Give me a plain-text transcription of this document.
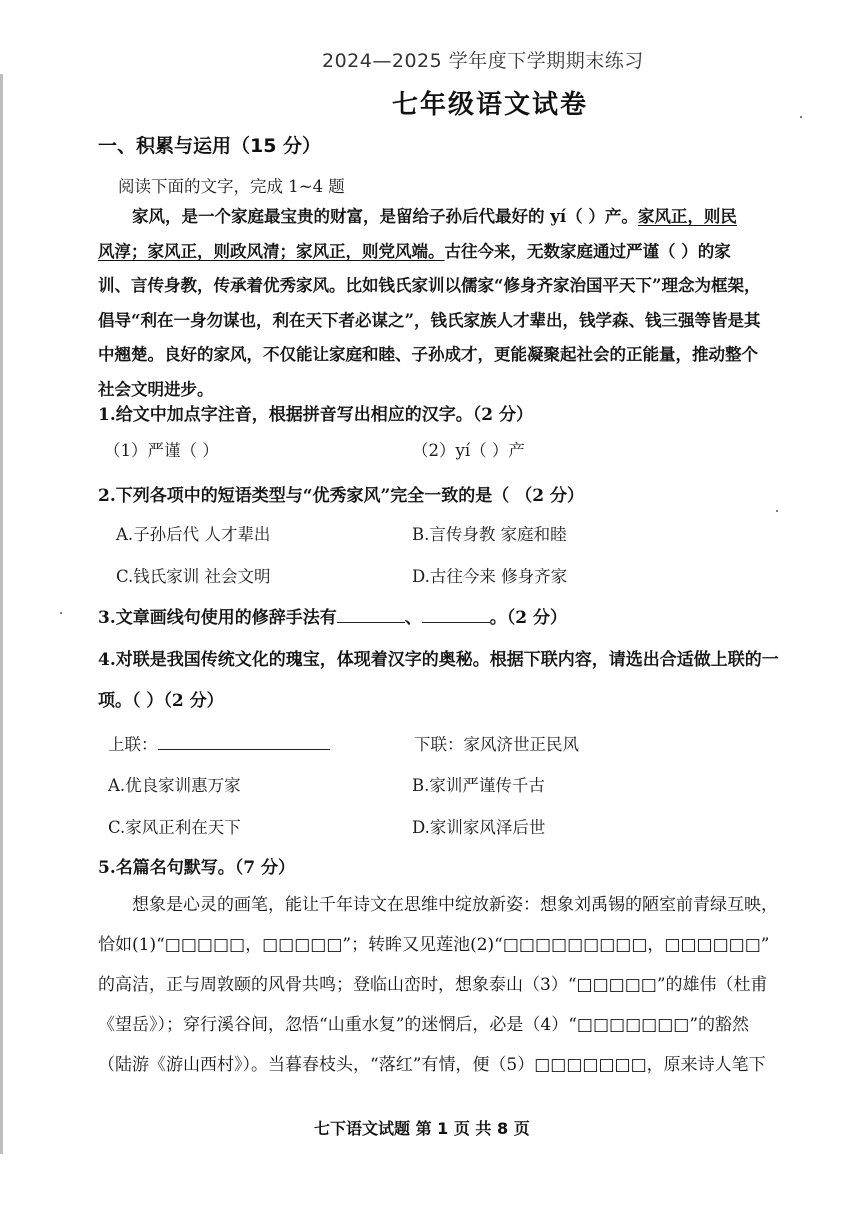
2024—2025 学年度下学期期末练习
七年级语文试卷
一、积累与运用（15 分）
阅读下面的文字，完成 1~4 题

家风，是一个家庭最宝贵的财富，是留给子孙后代最好的 yí（ ）产。家风正，则民

风淳；家风正，则政风清；家风正，则党风端。古往今来，无数家庭通过严谨（ ）的家

训、言传身教，传承着优秀家风。比如钱氏家训以儒家“修身齐家治国平天下”理念为框架，

倡导“利在一身勿谋也，利在天下者必谋之”，钱氏家族人才辈出，钱学森、钱三强等皆是其

中翘楚。良好的家风，不仅能让家庭和睦、子孙成才，更能凝聚起社会的正能量，推动整个

社会文明进步。

1.给文中加点字注音，根据拼音写出相应的汉字。（2 分）
（1）严谨（ ）	（2）yí（ ）产
2.下列各项中的短语类型与“优秀家风”完全一致的是（ （2 分）
A.子孙后代 人才辈出	B.言传身教 家庭和睦
C.钱氏家训 社会文明	D.古往今来 修身齐家
3.文章画线句使用的修辞手法有	、	。（2 分）
4.对联是我国传统文化的瑰宝，体现着汉字的奥秘。根据下联内容，请选出合适做上联的一
项。（ ）（2 分）
上联：	下联：家风济世正民风
A.优良家训惠万家	B.家训严谨传千古
C.家风正利在天下	D.家训家风泽后世
5.名篇名句默写。（7 分）

想象是心灵的画笔，能让千年诗文在思维中绽放新姿：想象刘禹锡的陋室前青绿互映，

恰如(1)“□□□□□，□□□□□”；转眸又见莲池(2)“□□□□□□□□□，□□□□□□”

的高洁，正与周敦颐的风骨共鸣；登临山峦时，想象泰山（3）“□□□□□”的雄伟（杜甫

《望岳》）；穿行溪谷间，忽悟“山重水复”的迷惘后，必是（4）“□□□□□□□”的豁然

（陆游《游山西村》）。当暮春枝头，“落红”有情，便（5）□□□□□□□，原来诗人笔下

七下语文试题 第 1 页 共 8 页
